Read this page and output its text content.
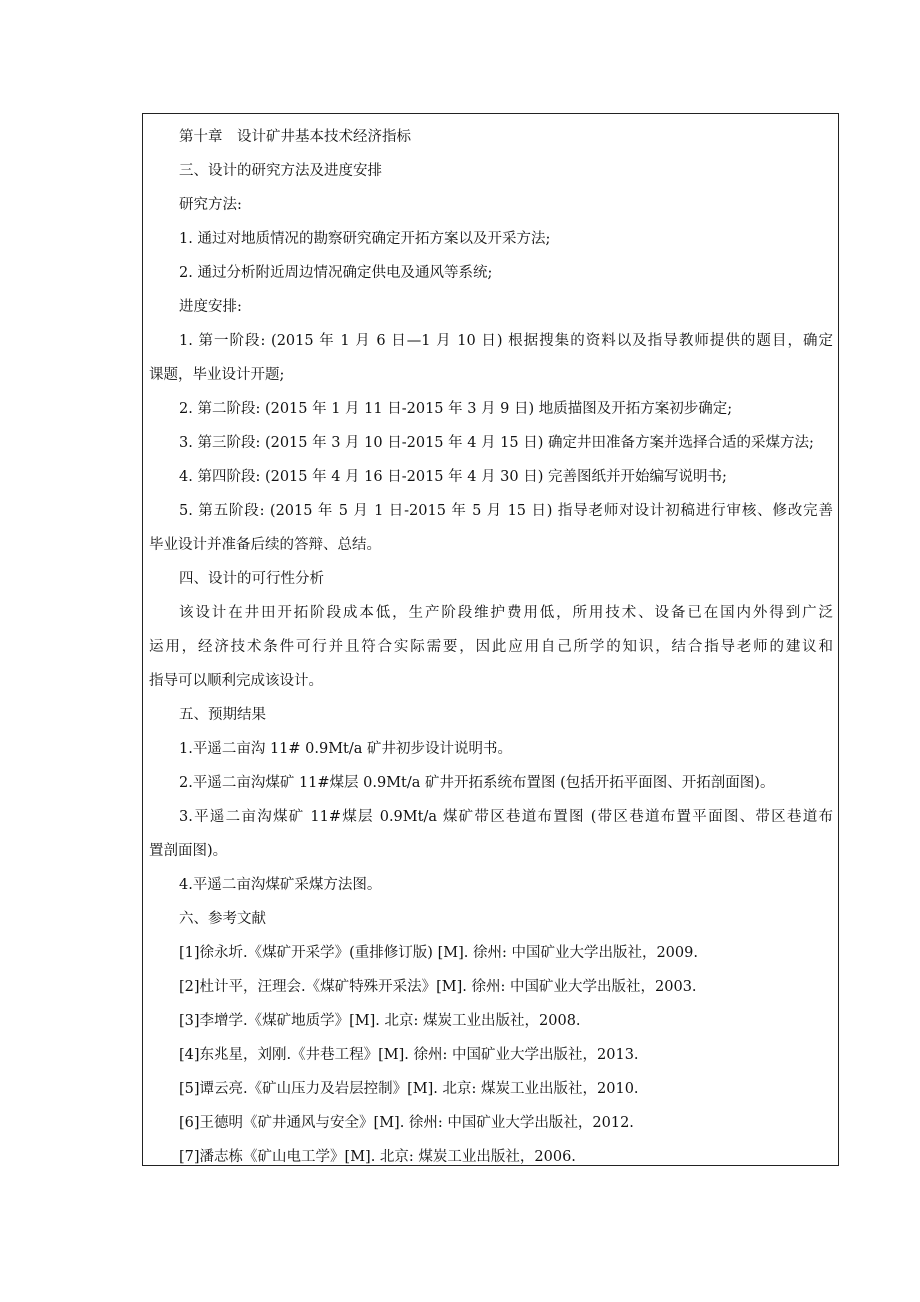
第十章　设计矿井基本技术经济指标
三、设计的研究方法及进度安排
研究方法:
1. 通过对地质情况的勘察研究确定开拓方案以及开采方法;
2. 通过分析附近周边情况确定供电及通风等系统;
进度安排:
1. 第一阶段: (2015 年 1 月 6 日—1 月 10 日) 根据搜集的资料以及指导教师提供的题目，确定
课题，毕业设计开题;
2. 第二阶段: (2015 年 1 月 11 日-2015 年 3 月 9 日) 地质描图及开拓方案初步确定;
3. 第三阶段: (2015 年 3 月 10 日-2015 年 4 月 15 日) 确定井田准备方案并选择合适的采煤方法;
4. 第四阶段: (2015 年 4 月 16 日-2015 年 4 月 30 日) 完善图纸并开始编写说明书;
5. 第五阶段: (2015 年 5 月 1 日-2015 年 5 月 15 日) 指导老师对设计初稿进行审核、修改完善
毕业设计并准备后续的答辩、总结。
四、设计的可行性分析
该设计在井田开拓阶段成本低，生产阶段维护费用低，所用技术、设备已在国内外得到广泛
运用，经济技术条件可行并且符合实际需要，因此应用自己所学的知识，结合指导老师的建议和
指导可以顺利完成该设计。
五、预期结果
1.平遥二亩沟 11# 0.9Mt/a 矿井初步设计说明书。
2.平遥二亩沟煤矿 11#煤层 0.9Mt/a 矿井开拓系统布置图 (包括开拓平面图、开拓剖面图)。
3.平遥二亩沟煤矿 11#煤层 0.9Mt/a 煤矿带区巷道布置图 (带区巷道布置平面图、带区巷道布
置剖面图)。
4.平遥二亩沟煤矿采煤方法图。
六、参考文献
[1]徐永圻.《煤矿开采学》(重排修订版) [M]. 徐州: 中国矿业大学出版社，2009.
[2]杜计平，汪理会.《煤矿特殊开采法》[M]. 徐州: 中国矿业大学出版社，2003.
[3]李增学.《煤矿地质学》[M]. 北京: 煤炭工业出版社，2008.
[4]东兆星，刘刚.《井巷工程》[M]. 徐州: 中国矿业大学出版社，2013.
[5]谭云亮.《矿山压力及岩层控制》[M]. 北京: 煤炭工业出版社，2010.
[6]王德明《矿井通风与安全》[M]. 徐州: 中国矿业大学出版社，2012.
[7]潘志栋《矿山电工学》[M]. 北京: 煤炭工业出版社，2006.
